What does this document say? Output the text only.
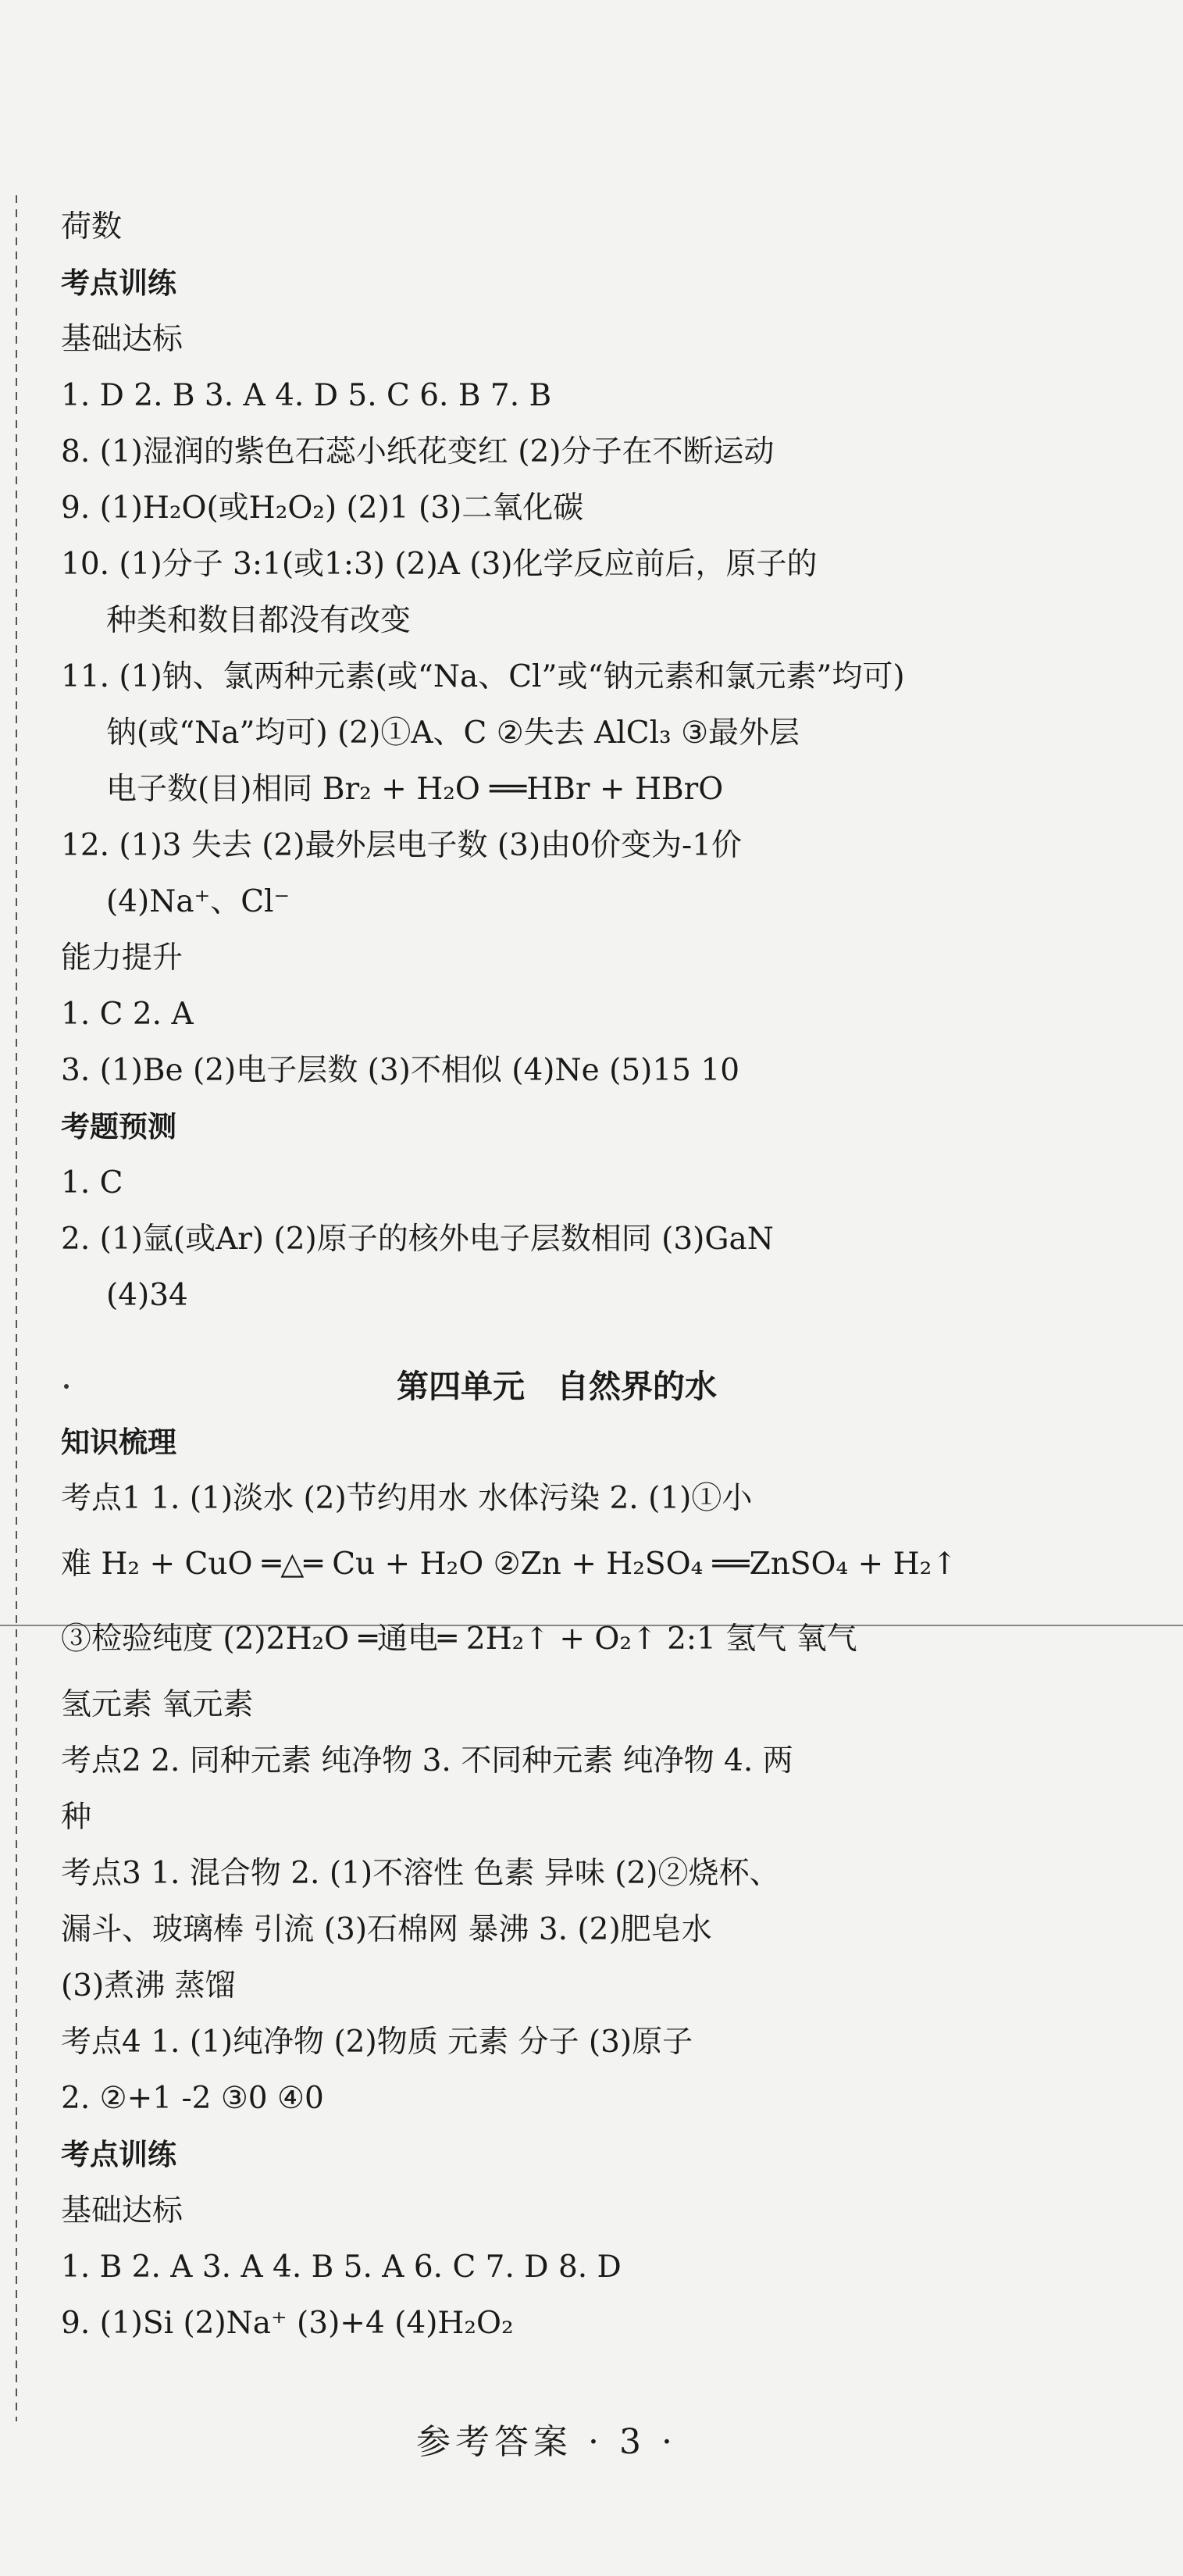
荷数
考点训练
基础达标
1. D 2. B 3. A 4. D 5. C 6. B 7. B
8. (1)湿润的紫色石蕊小纸花变红 (2)分子在不断运动
9. (1)H₂O(或H₂O₂) (2)1 (3)二氧化碳
10. (1)分子 3:1(或1:3) (2)A (3)化学反应前后，原子的
种类和数目都没有改变
11. (1)钠、氯两种元素(或“Na、Cl”或“钠元素和氯元素”均可)
钠(或“Na”均可) (2)①A、C ②失去 AlCl₃ ③最外层
电子数(目)相同 Br₂ + H₂O ══HBr + HBrO
12. (1)3 失去 (2)最外层电子数 (3)由0价变为-1价
(4)Na⁺、Cl⁻
能力提升
1. C 2. A
3. (1)Be (2)电子层数 (3)不相似 (4)Ne (5)15 10
考题预测
1. C
2. (1)氩(或Ar) (2)原子的核外电子层数相同 (3)GaN
(4)34
第四单元　自然界的水
知识梳理
考点1 1. (1)淡水 (2)节约用水 水体污染 2. (1)①小
难 H₂ + CuO ═△═ Cu + H₂O ②Zn + H₂SO₄ ══ZnSO₄ + H₂↑
③检验纯度 (2)2H₂O ═通电═ 2H₂↑ + O₂↑ 2:1 氢气 氧气
氢元素 氧元素
考点2 2. 同种元素 纯净物 3. 不同种元素 纯净物 4. 两
种
考点3 1. 混合物 2. (1)不溶性 色素 异味 (2)②烧杯、
漏斗、玻璃棒 引流 (3)石棉网 暴沸 3. (2)肥皂水
(3)煮沸 蒸馏
考点4 1. (1)纯净物 (2)物质 元素 分子 (3)原子
2. ②+1 -2 ③0 ④0
考点训练
基础达标
1. B 2. A 3. A 4. B 5. A 6. C 7. D 8. D
9. (1)Si (2)Na⁺ (3)+4 (4)H₂O₂
参考答案 · 3 ·
